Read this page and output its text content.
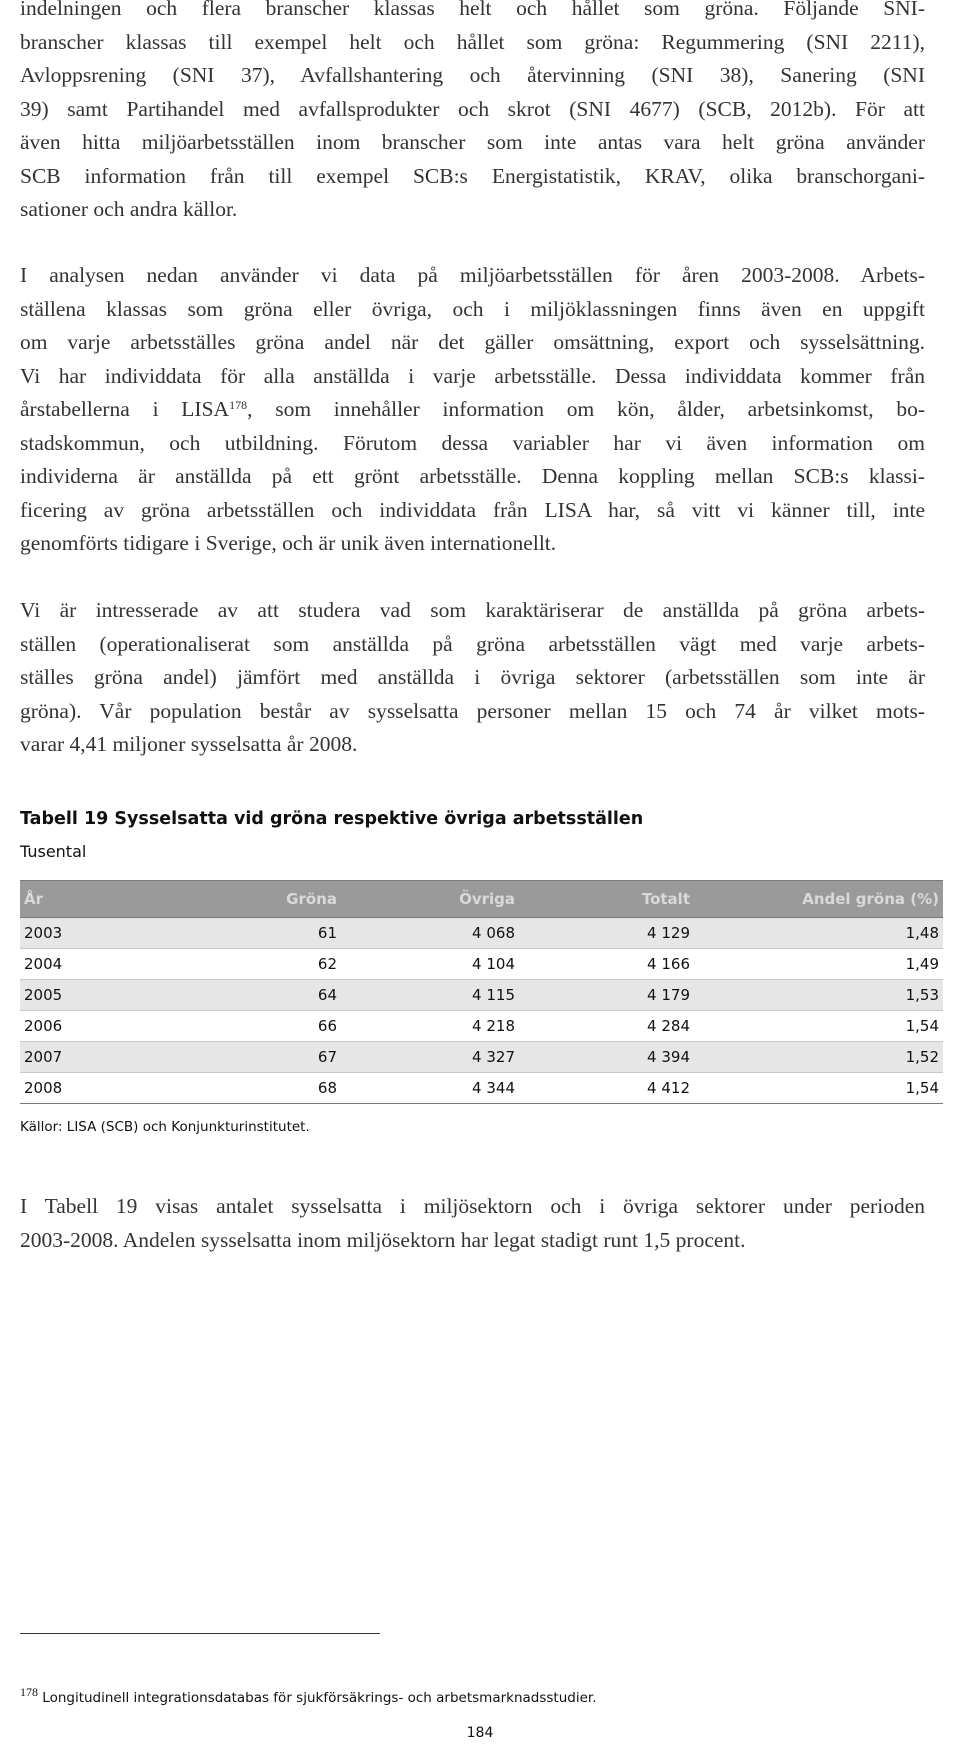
indelningen och flera branscher klassas helt och hållet som gröna. Följande SNI-
branscher klassas till exempel helt och hållet som gröna: Regummering (SNI 2211),
Avloppsrening (SNI 37), Avfallshantering och återvinning (SNI 38), Sanering (SNI
39) samt Partihandel med avfallsprodukter och skrot (SNI 4677) (SCB, 2012b). För att
även hitta miljöarbetsställen inom branscher som inte antas vara helt gröna använder
SCB information från till exempel SCB:s Energistatistik, KRAV, olika branschorgani-
sationer och andra källor.
I analysen nedan använder vi data på miljöarbetsställen för åren 2003-2008. Arbets-
ställena klassas som gröna eller övriga, och i miljöklassningen finns även en uppgift
om varje arbetsställes gröna andel när det gäller omsättning, export och sysselsättning.
Vi har individdata för alla anställda i varje arbetsställe. Dessa individdata kommer från
årstabellerna i LISA$^{178}$, som innehåller information om kön, ålder, arbetsinkomst, bo-
stadskommun, och utbildning. Förutom dessa variabler har vi även information om
individerna är anställda på ett grönt arbetsställe. Denna koppling mellan SCB:s klassi-
ficering av gröna arbetsställen och individdata från LISA har, så vitt vi känner till, inte
genomförts tidigare i Sverige, och är unik även internationellt.
Vi är intresserade av att studera vad som karaktäriserar de anställda på gröna arbets-
ställen (operationaliserat som anställda på gröna arbetsställen vägt med varje arbets-
ställes gröna andel) jämfört med anställda i övriga sektorer (arbetsställen som inte är
gröna). Vår population består av sysselsatta personer mellan 15 och 74 år vilket mots-
varar 4,41 miljoner sysselsatta år 2008.
Tabell 19 Sysselsatta vid gröna respektive övriga arbetsställen
Tusental
År	Gröna	Övriga	Totalt	Andel gröna (%)
2003	61	4 068	4 129	1,48
2004	62	4 104	4 166	1,49
2005	64	4 115	4 179	1,53
2006	66	4 218	4 284	1,54
2007	67	4 327	4 394	1,52
2008	68	4 344	4 412	1,54
Källor: LISA (SCB) och Konjunkturinstitutet.
I Tabell 19 visas antalet sysselsatta i miljösektorn och i övriga sektorer under perioden
2003-2008. Andelen sysselsatta inom miljösektorn har legat stadigt runt 1,5 procent.
$^{178}$ Longitudinell integrationsdatabas för sjukförsäkrings- och arbetsmarknadsstudier.
184
